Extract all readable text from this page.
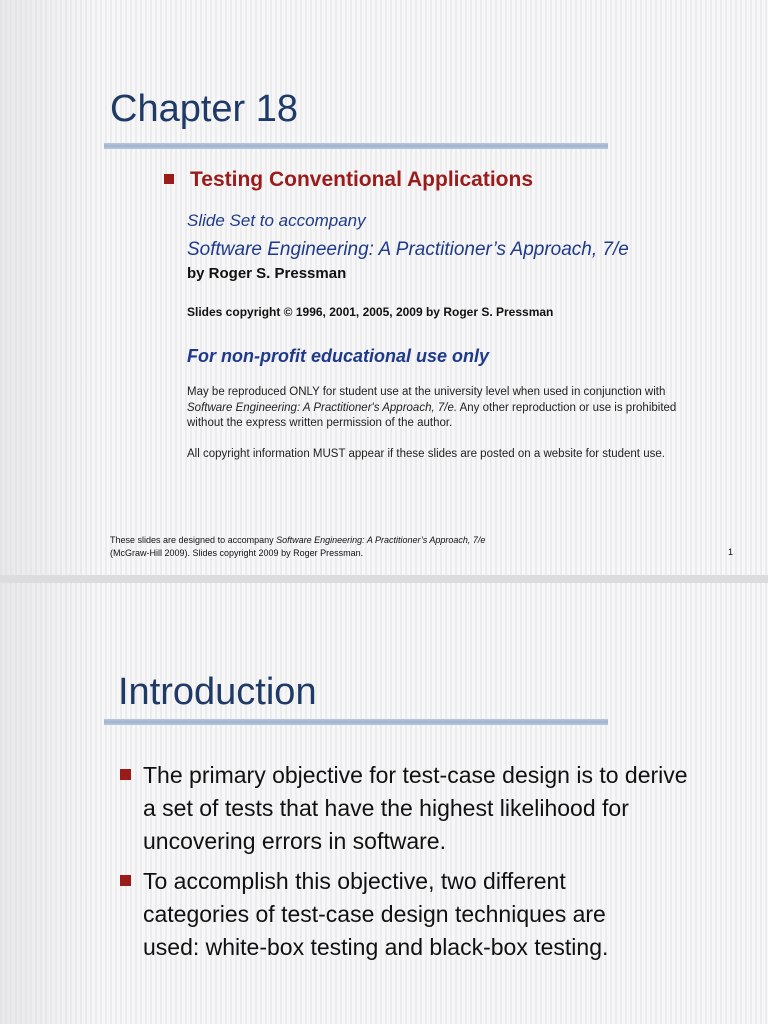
Chapter 18
Testing Conventional Applications
Slide Set to accompany
Software Engineering: A Practitioner’s Approach, 7/e
by Roger S. Pressman
Slides copyright © 1996, 2001, 2005, 2009 by Roger S. Pressman
For non-profit educational use only
May be reproduced ONLY for student use at the university level when used in conjunction with Software Engineering: A Practitioner's Approach, 7/e. Any other reproduction or use is prohibited without the express written permission of the author.
All copyright information MUST appear if these slides are posted on a website for student use.
These slides are designed to accompany Software Engineering: A Practitioner’s Approach, 7/e
(McGraw-Hill 2009). Slides copyright 2009 by Roger Pressman.	1
Introduction
The primary objective for test-case design is to derive a set of tests that have the highest likelihood for uncovering errors in software.
To accomplish this objective, two different categories of test-case design techniques are used: white-box testing and black-box testing.
